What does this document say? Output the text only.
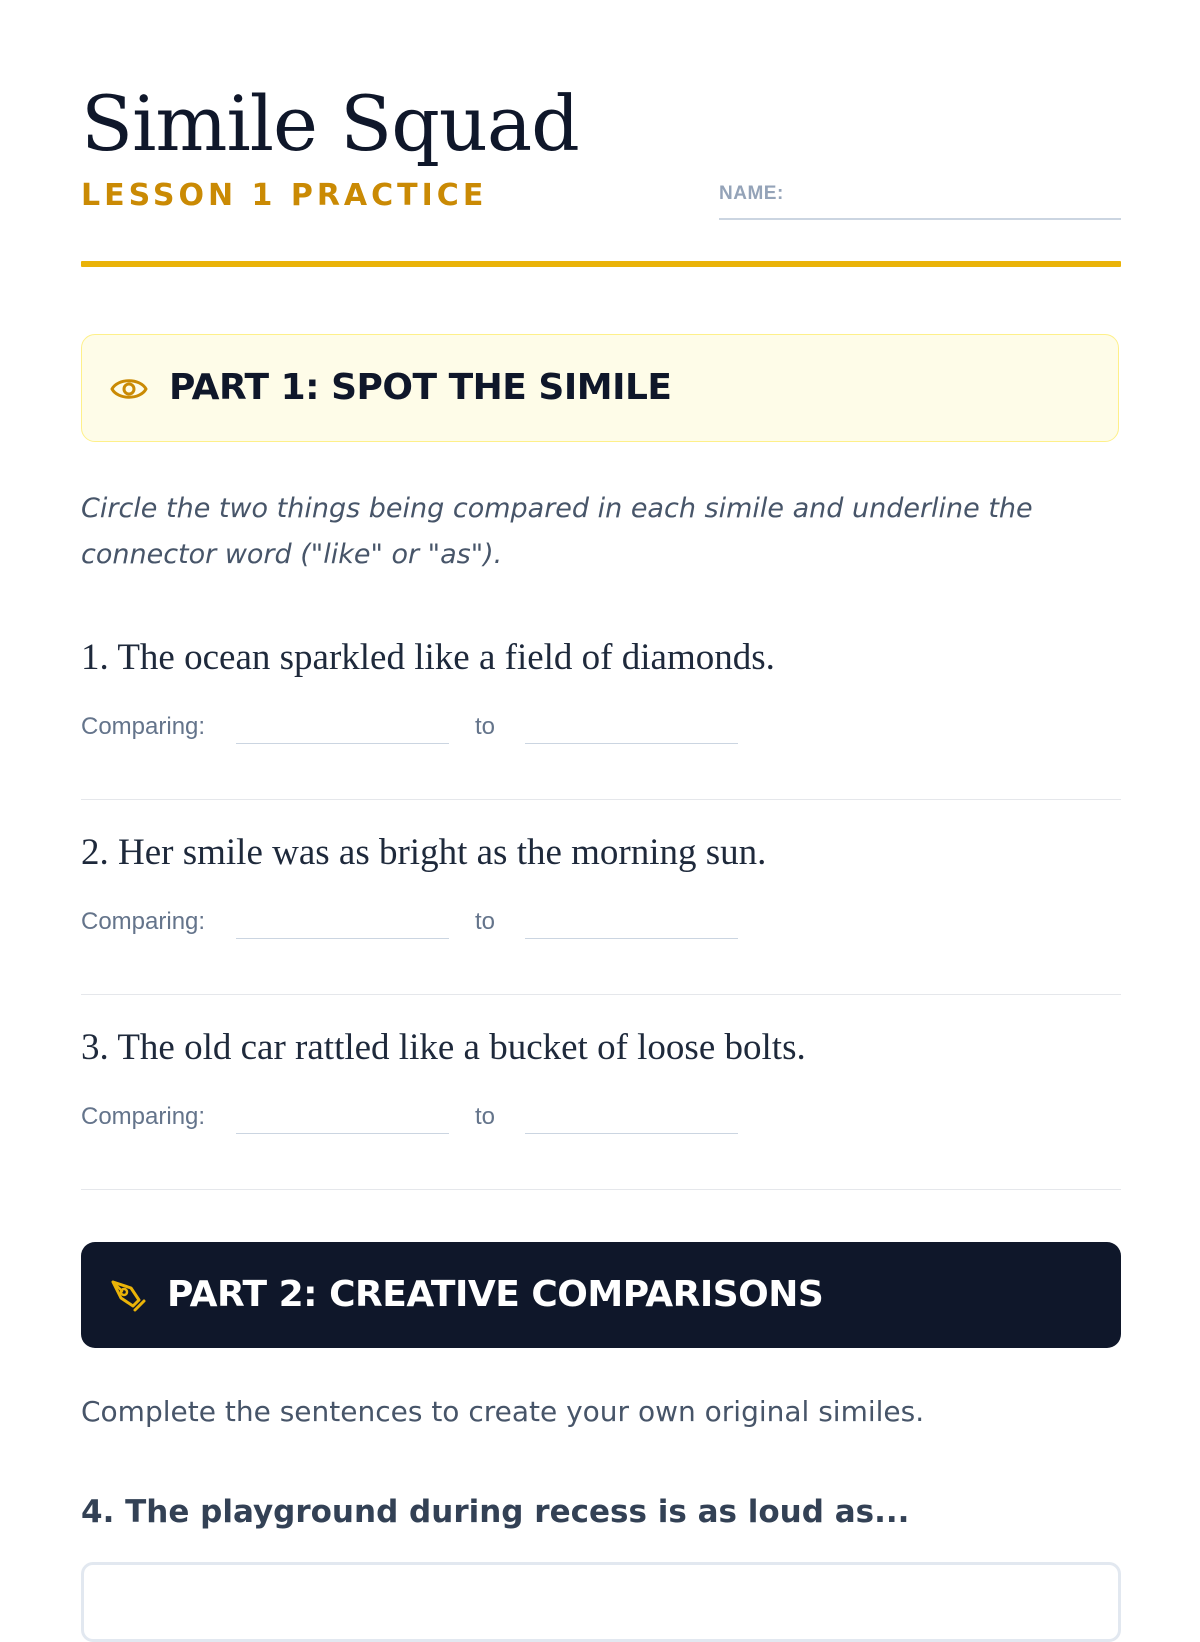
Simile Squad
LESSON 1 PRACTICE	NAME:
PART 1: SPOT THE SIMILE
Circle the two things being compared in each simile and underline the connector word ("like" or "as").
1. The ocean sparkled like a field of diamonds.
Comparing:	to
2. Her smile was as bright as the morning sun.
Comparing:	to
3. The old car rattled like a bucket of loose bolts.
Comparing:	to
PART 2: CREATIVE COMPARISONS
Complete the sentences to create your own original similes.
4. The playground during recess is as loud as...
